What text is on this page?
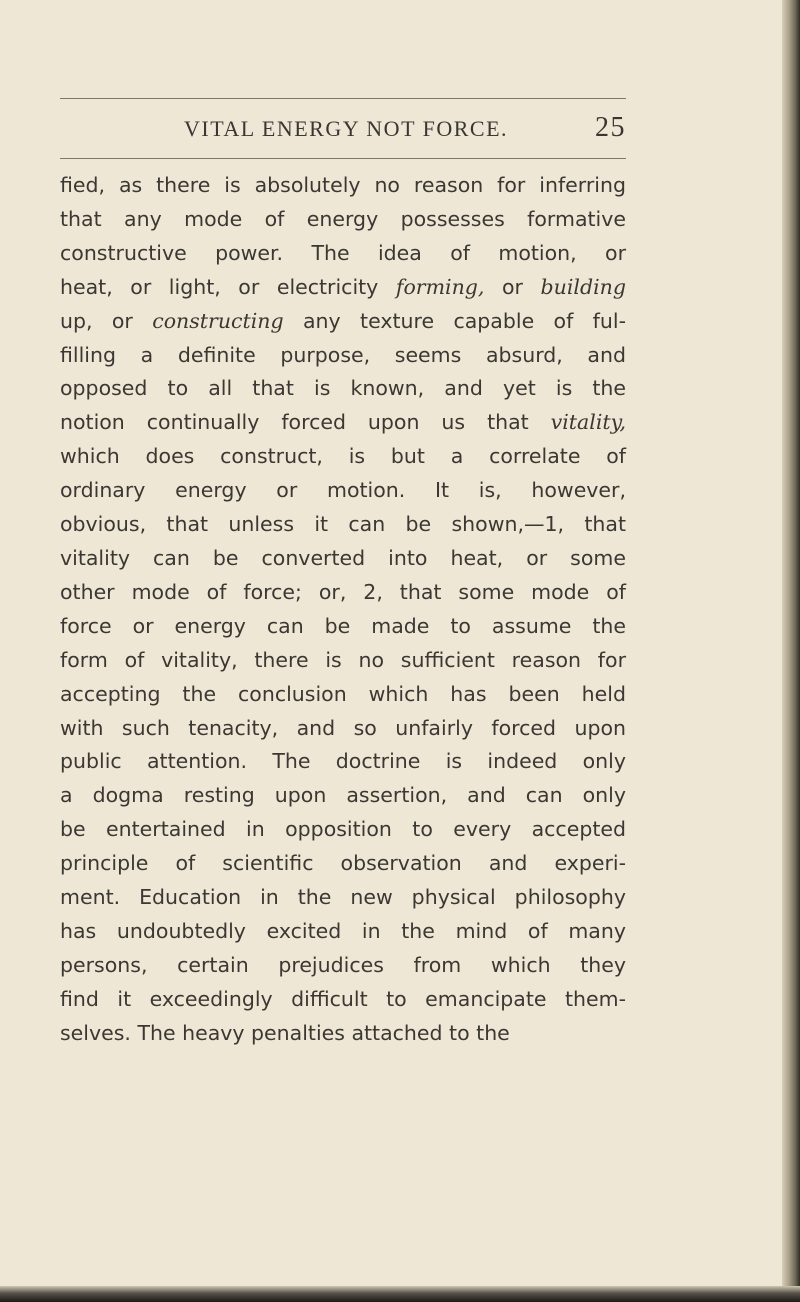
VITAL ENERGY NOT FORCE.	25
fied, as there is absolutely no reason for inferring
that any mode of energy possesses formative
constructive power. The idea of motion, or
heat, or light, or electricity forming, or building
up, or constructing any texture capable of ful-
filling a definite purpose, seems absurd, and
opposed to all that is known, and yet is the
notion continually forced upon us that vitality,
which does construct, is but a correlate of
ordinary energy or motion. It is, however,
obvious, that unless it can be shown,—1, that
vitality can be converted into heat, or some
other mode of force; or, 2, that some mode of
force or energy can be made to assume the
form of vitality, there is no sufficient reason for
accepting the conclusion which has been held
with such tenacity, and so unfairly forced upon
public attention. The doctrine is indeed only
a dogma resting upon assertion, and can only
be entertained in opposition to every accepted
principle of scientific observation and experi-
ment. Education in the new physical philosophy
has undoubtedly excited in the mind of many
persons, certain prejudices from which they
find it exceedingly difficult to emancipate them-
selves. The heavy penalties attached to the
